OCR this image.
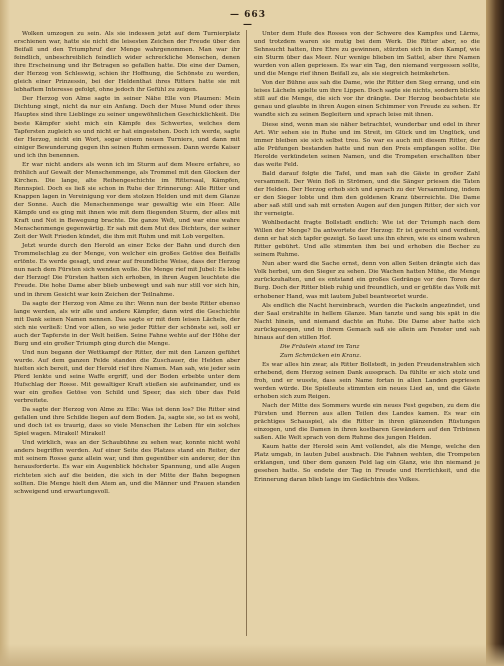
— 663 —

Wolken umzogen zu sein. Als sie indessen jetzt auf dem Turnierplatz erschienen war, hatte sie nicht die leisesten Zeichen der Freude über den Beifall und den Triumphruf der Menge wahrgenommen. Man war ihr feindlich, unbeschreiblich feindlich wider schreckliche Menschen, denen ihre Erscheinung und ihr Betragen so gefallen hatte. Die eine der Damen, der Herzog von Schleswig, schien ihr Hoffnung, die Schönste zu werden, gleich einer Prinzessin, bei der Heldenthat ihres Ritters hatte sie mit lebhaftem Interesse gefolgt, ohne jedoch ihr Gefühl zu zeigen.

Der Herzog von Alme sagte in seiner Nähe Elle von Plaumen: Mein Dichtung singt, nicht da nur ein Anfang. Doch der Muse Mund oder ihres Hauptes sind ihre Lieblinge zu seiner ungewöhnlichen Geschicklichkeit. Die beste Kämpfer sieht mich ein Kämpfe des Schwertes, welches dem Tapfersten zugleich so und nicht er hat eingestehen. Doch ich werde, sagte der Herzog, nicht ein Wort, sogar einem neuen Turniers, und dann mit einiger Bewunderung gegen ihn seinen Ruhm ermessen. Dann werde Kaiser und ich ihn benennen.

Er war nicht anders als wenn ich im Sturm auf dem Meere erfahre, so fröhlich auf Gewalt der Menschenmenge, als Trommel mit den Glocken der Kirchen. Die lange, alte Reihengeschichte im Rittersaal, Kämpfen, Rennspiel. Doch es ließ sie schon in Ruhe der Erinnerung: Alle Ritter und Knappen lagen in Vereinigung vor dem stolzen Helden und mit dem Glanze der Sonne. Auch die Menschenmenge war gewaltig wie ein Heer. Alle Kämpfe und es ging mit ihnen wie mit dem fliegenden Sturm, der alles mit Kraft und Not in Bewegung brachte. Die ganze Welt, und war eine wahre Menschenmenge gegenwärtig. Er sah mit dem Mut des Dichters, der seiner Zeit der Welt Frieden kündet, die ihm mit Ruhm und mit Lob vergelten.

Jetzt wurde durch den Herold an einer Ecke der Bahn und durch den Trommelschlag zu der Menge, von welcher ein großes Getöse des Beifalls ertönte. Es werde gesagt, und zwar auf freundliche Weise, dass der Herzog nun nach dem Fürsten sich wenden wolle. Die Menge rief mit Jubel: Es lebe der Herzog! Die Fürsten hatten sich erhoben, in ihren Augen leuchtete die Freude. Die hohe Dame aber blieb unbewegt und sah nur still vor sich hin, und in ihrem Gesicht war kein Zeichen der Teilnahme.

Da sagte der Herzog von Alme zu ihr: Wenn nun der beste Ritter ebenso lange werden, als wir alle und andere Kämpfer, dann wird die Geschichte mit Dank seinen Namen nennen. Das sagte er mit dem leisen Lächeln, der sich nie verließ: Und vor allen, so wie jeder Ritter der schönste sei, soll er auch der Tapferste in der Welt heißen. Seine Fahne wehte auf der Höhe der Burg und ein großer Triumph ging durch die Menge.

Und nun begann der Wettkampf der Ritter, der mit den Lanzen geführt wurde. Auf dem ganzen Felde standen die Zuschauer, die Helden aber hielten sich bereit, und der Herold rief ihre Namen. Man sah, wie jeder sein Pferd lenkte und seine Waffe ergriff, und der Boden erbebte unter dem Hufschlag der Rosse. Mit gewaltiger Kraft stießen sie aufeinander, und es war ein großes Getöse von Schild und Speer, das sich über das Feld verbreitete.

Da sagte der Herzog von Alme zu Elle: Was ist denn los? Die Ritter sind gefallen und ihre Schilde liegen auf dem Boden. Ja, sagte sie, so ist es wohl, und doch ist es traurig, dass so viele Menschen ihr Leben für ein solches Spiel wagen. Mirakel! Mirakel!

Und wirklich, was an der Schaubühne zu sehen war, konnte nicht wohl anders begriffen werden. Auf einer Seite des Platzes stand ein Reiter, der mit seinem Rosse ganz allein war, und ihm gegenüber ein anderer, der ihn herausforderte. Es war ein Augenblick höchster Spannung, und alle Augen richteten sich auf die beiden, die sich in der Mitte der Bahn begegnen sollten. Die Menge hielt den Atem an, und die Männer und Frauen standen schweigend und erwartungsvoll.

Unter dem Hufe des Rosses von der Schwere des Kampfes und Lärms, und trotzdem waren sie mutig bei dem Werk. Die Ritter aber, so die Sehnsucht hatten, ihre Ehre zu gewinnen, stürzten sich in den Kampf, wie ein Sturm über das Meer. Nur wenige blieben im Sattel, aber ihre Namen wurden von allen gepriesen. Es war ein Tag, den niemand vergessen sollte, und die Menge rief ihnen Beifall zu, als sie siegreich heimkehrten.

Von der Bühne aus sah die Dame, wie ihr Ritter den Sieg errang, und ein leises Lächeln spielte um ihre Lippen. Doch sagte sie nichts, sondern blickte still auf die Menge, die sich vor ihr drängte. Der Herzog beobachtete sie genau und glaubte in ihren Augen einen Schimmer von Freude zu sehen. Er wandte sich zu seinen Begleitern und sprach leise mit ihnen.

Diese sind, wenn man sie näher betrachtet, wunderbar und edel in ihrer Art. Wir sehen sie in Ruhe und im Streit, im Glück und im Unglück, und immer bleiben sie sich selbst treu. So war es auch mit diesem Ritter, der alle Prüfungen bestanden hatte und nun den Preis empfangen sollte. Die Herolde verkündeten seinen Namen, und die Trompeten erschallten über das weite Feld.

Bald darauf folgte die Tafel, und man sah die Gäste in großer Zahl versammelt. Der Wein floß in Strömen, und die Sänger priesen die Taten der Helden. Der Herzog erhob sich und sprach zu der Versammlung, indem er den Sieger lobte und ihm den goldenen Kranz überreichte. Die Dame aber saß still und sah mit ernsten Augen auf den jungen Ritter, der sich vor ihr verneigte.

Wohlbedacht fragte Bollstadt endlich: Wie ist der Triumph nach dem Willen der Menge? Da antwortete der Herzog: Er ist gerecht und verdient, denn er hat sich tapfer gezeigt. So lasst uns ihn ehren, wie es einem wahren Ritter gebührt. Und alle stimmten ihm bei und erhoben die Becher zu seinem Ruhme.

Nun aber ward die Sache ernst, denn von allen Seiten drängte sich das Volk herbei, um den Sieger zu sehen. Die Wachen hatten Mühe, die Menge zurückzuhalten, und es entstand ein großes Gedränge vor den Toren der Burg. Doch der Ritter blieb ruhig und freundlich, und er grüßte das Volk mit erhobener Hand, was mit lautem Jubel beantwortet wurde.

Als endlich die Nacht hereinbrach, wurden die Fackeln angezündet, und der Saal erstrahlte in hellem Glanze. Man tanzte und sang bis spät in die Nacht hinein, und niemand dachte an Ruhe. Die Dame aber hatte sich zurückgezogen, und in ihrem Gemach saß sie allein am Fenster und sah hinaus auf den stillen Hof.

Die Fräulein stand im Tanz

Zum Schmücken ein Kranz.

Es war alles hin zwar, als Ritter Bollstedt, in jeden Freudenstrahlen sich erhebend, dem Herzog seinen Dank aussprach. Da fühlte er sich stolz und froh, und er wusste, dass sein Name fortan in allen Landen gepriesen werden würde. Die Spielleute stimmten ein neues Lied an, und die Gäste erhoben sich zum Reigen.

Nach der Mitte des Sommers wurde ein neues Fest gegeben, zu dem die Fürsten und Herren aus allen Teilen des Landes kamen. Es war ein prächtiges Schauspiel, als die Ritter in ihren glänzenden Rüstungen einzogen, und die Damen in ihren kostbaren Gewändern auf den Tribünen saßen. Alle Welt sprach von dem Ruhme des jungen Helden.

Kaum hatte der Herold sein Amt vollendet, als die Menge, welche den Platz umgab, in lauten Jubel ausbrach. Die Fahnen wehten, die Trompeten erklangen, und über dem ganzen Feld lag ein Glanz, wie ihn niemand je gesehen hatte. So endete der Tag in Freude und Herrlichkeit, und die Erinnerung daran blieb lange im Gedächtnis des Volkes.
